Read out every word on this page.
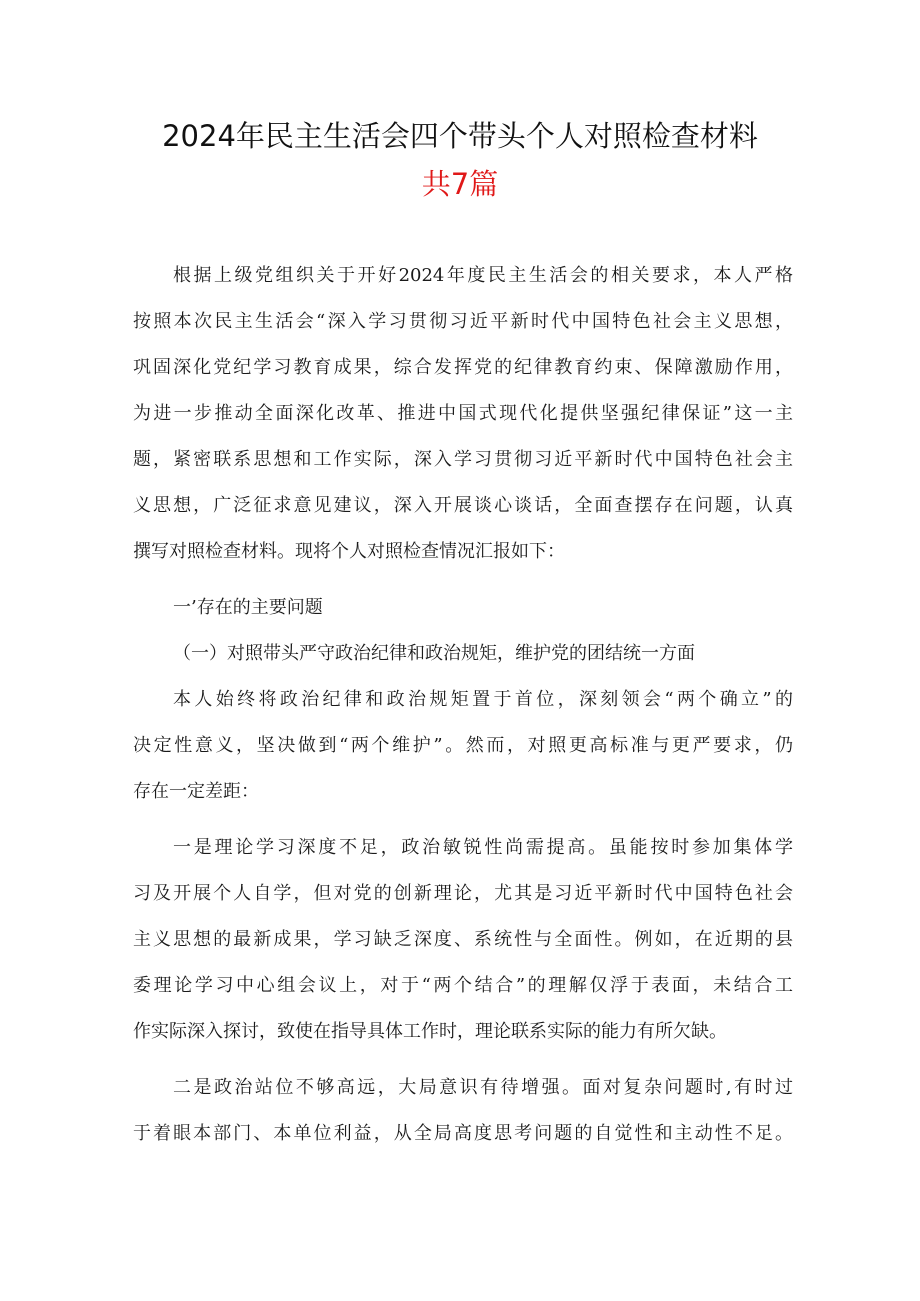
2024年民主生活会四个带头个人对照检查材料
共7篇
根据上级党组织关于开好2024年度民主生活会的相关要求，本人严格
按照本次民主生活会“深入学习贯彻习近平新时代中国特色社会主义思想，
巩固深化党纪学习教育成果，综合发挥党的纪律教育约束、保障激励作用，
为进一步推动全面深化改革、推进中国式现代化提供坚强纪律保证”这一主
题，紧密联系思想和工作实际，深入学习贯彻习近平新时代中国特色社会主
义思想，广泛征求意见建议，深入开展谈心谈话，全面查摆存在问题，认真
撰写对照检查材料。现将个人对照检查情况汇报如下：
一’存在的主要问题
（一）对照带头严守政治纪律和政治规矩，维护党的团结统一方面
本人始终将政治纪律和政治规矩置于首位，深刻领会“两个确立”的
决定性意义，坚决做到“两个维护”。然而，对照更高标准与更严要求，仍
存在一定差距：
一是理论学习深度不足，政治敏锐性尚需提高。虽能按时参加集体学
习及开展个人自学，但对党的创新理论，尤其是习近平新时代中国特色社会
主义思想的最新成果，学习缺乏深度、系统性与全面性。例如，在近期的县
委理论学习中心组会议上，对于“两个结合”的理解仅浮于表面，未结合工
作实际深入探讨，致使在指导具体工作时，理论联系实际的能力有所欠缺。
二是政治站位不够高远，大局意识有待增强。面对复杂问题时,有时过
于着眼本部门、本单位利益，从全局高度思考问题的自觉性和主动性不足。
